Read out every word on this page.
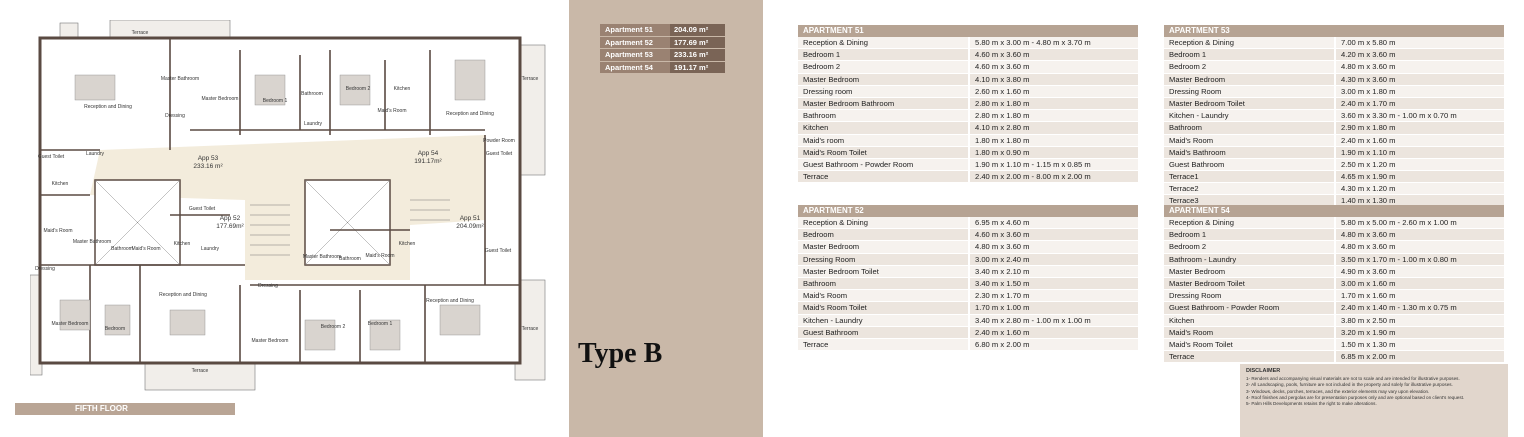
Terrace
Reception and Dining
Master Bathroom
Master Bedroom
Dressing
Bedroom 1
Bathroom
Laundry
Bedroom 2	Kitchen
Maid's Room	Reception and Dining
Terrace
Powder Room
Guest Toilet
Guest Toilet	Laundry
Kitchen
Guest Toilet
Maid's Room
Master Bathroom
Bathroom
Maid's Room
Kitchen
Laundry
Master Bathroom
Bathroom Maid's Room
Kitchen
Guest Toilet
Dressing
Reception and Dining
Dressing
Master Bedroom
Bedroom
Master Bedroom
Bedroom 2	Bedroom 1
Reception and Dining
Terrace
Terrace
App 53
233.16 m²
App 54
191.17m²
App 52
177.69m²
App 51
204.09m²
FIFTH FLOOR
Apartment 51	204.09 m²
Apartment 52	177.69 m²
Apartment 53	233.16 m²
Apartment 54	191.17 m²
Type B
APARTMENT 51
Reception & Dining	5.80 m x 3.00 m - 4.80 m x 3.70 m
Bedroom 1	4.60 m x 3.60 m
Bedroom 2	4.60 m x 3.60 m
Master Bedroom	4.10 m x 3.80 m
Dressing room	2.60 m x 1.60 m
Master Bedroom Bathroom	2.80 m x 1.80 m
Bathroom	2.80 m x 1.80 m
Kitchen	4.10 m x 2.80 m
Maid's room	1.80 m x 1.80 m
Maid's Room Toilet	1.80 m x 0.90 m
Guest Bathroom - Powder Room	1.90 m x 1.10 m - 1.15 m x 0.85 m
Terrace	2.40 m x 2.00 m - 8.00 m x 2.00 m
APARTMENT 52
Reception & Dining	6.95 m x 4.60 m
Bedroom	4.60 m x 3.60 m
Master Bedroom	4.80 m x 3.60 m
Dressing Room	3.00 m x 2.40 m
Master Bedroom Toilet	3.40 m x 2.10 m
Bathroom	3.40 m x 1.50 m
Maid's Room	2.30 m x 1.70 m
Maid's Room Toilet	1.70 m x 1.00 m
Kitchen - Laundry	3.40 m x 2.80 m - 1.00 m x 1.00 m
Guest Bathroom	2.40 m x 1.60 m
Terrace	6.80 m x 2.00 m
APARTMENT 53
Reception & Dining	7.00 m x 5.80 m
Bedroom 1	4.20 m x 3.60 m
Bedroom 2	4.80 m x 3.60 m
Master Bedroom	4.30 m x 3.60 m
Dressing Room	3.00 m x 1.80 m
Master Bedroom Toilet	2.40 m x 1.70 m
Kitchen - Laundry	3.60 m x 3.30 m - 1.00 m x 0.70 m
Bathroom	2.90 m x 1.80 m
Maid's Room	2.40 m x 1.60 m
Maid's Bathroom	1.90 m x 1.10 m
Guest Bathroom	2.50 m x 1.20 m
Terrace1	4.65 m x 1.90 m
Terrace2	4.30 m x 1.20 m
Terrace3	1.40 m x 1.30 m
APARTMENT 54
Reception & Dining	5.80 m x 5.00 m - 2.60 m x 1.00 m
Bedroom 1	4.80 m x 3.60 m
Bedroom 2	4.80 m x 3.60 m
Bathroom - Laundry	3.50 m x 1.70 m - 1.00 m x 0.80 m
Master Bedroom	4.90 m x 3.60 m
Master Bedroom Toilet	3.00 m x 1.60 m
Dressing Room	1.70 m x 1.60 m
Guest Bathroom - Powder Room	2.40 m x 1.40 m - 1.30 m x 0.75 m
Kitchen	3.80 m x 2.50 m
Maid's Room	3.20 m x 1.90 m
Maid's Room Toilet	1.50 m x 1.30 m
Terrace	6.85 m x 2.00 m
DISCLAIMER
1- Renders and accompanying visual materials are not to scale and are intended for illustrative purposes.
2- All Landscaping, pools, furniture are not included in the property and solely for illustrative purposes.
3- Windows, decks, porches, terraces, and the exterior elements may vary upon elevation.
4- Roof finishes and pergolas are for presentation purposes only and are optional based on client's request.
5- Palm Hills Developments retains the right to make alterations.
